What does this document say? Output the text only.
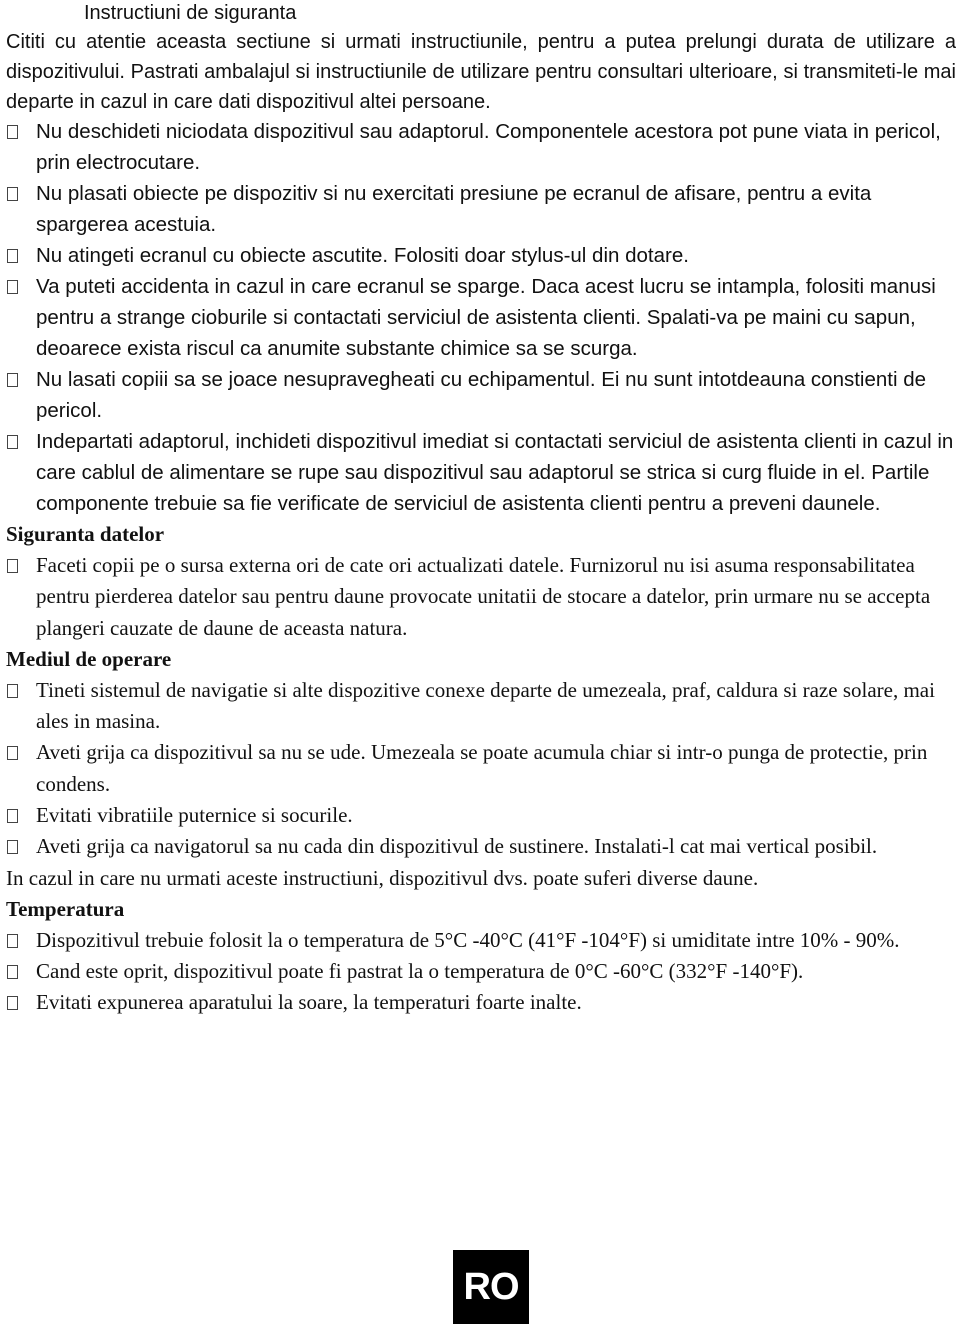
Instructiuni de siguranta
Cititi cu atentie aceasta sectiune si urmati instructiunile, pentru a putea prelungi durata de utilizare a dispozitivului. Pastrati ambalajul si instructiunile de utilizare pentru consultari ulterioare, si transmiteti-le mai departe in cazul in care dati dispozitivul altei persoane.
Nu deschideti niciodata dispozitivul sau adaptorul. Componentele acestora pot pune viata in pericol, prin electrocutare.
Nu plasati obiecte pe dispozitiv si nu exercitati presiune pe ecranul de afisare, pentru a evita spargerea acestuia.
Nu atingeti ecranul cu obiecte ascutite. Folositi doar stylus-ul din dotare.
Va puteti accidenta in cazul in care ecranul se sparge. Daca acest lucru se intampla, folositi manusi pentru a strange cioburile si contactati serviciul de asistenta clienti. Spalati-va pe maini cu sapun, deoarece exista riscul ca anumite substante chimice sa se scurga.
Nu lasati copiii sa se joace nesupravegheati cu echipamentul. Ei nu sunt intotdeauna constienti de pericol.
Indepartati adaptorul, inchideti dispozitivul imediat si contactati serviciul de asistenta clienti in cazul in care cablul de alimentare se rupe sau dispozitivul sau adaptorul se strica si curg fluide in el. Partile componente trebuie sa fie verificate de serviciul de asistenta clienti pentru a preveni daunele.
Siguranta datelor
Faceti copii pe o sursa externa ori de cate ori actualizati datele. Furnizorul nu isi asuma responsabilitatea pentru pierderea datelor sau pentru daune provocate unitatii de stocare a datelor, prin urmare nu se accepta plangeri cauzate de daune de aceasta natura.
Mediul de operare
Tineti sistemul de navigatie si alte dispozitive conexe departe de umezeala, praf, caldura si raze solare, mai ales in masina.
Aveti grija ca dispozitivul sa nu se ude. Umezeala se poate acumula chiar si intr-o punga de protectie, prin condens.
Evitati vibratiile puternice si socurile.
Aveti grija ca navigatorul sa nu cada din dispozitivul de sustinere. Instalati-l cat mai vertical posibil.
In cazul in care nu urmati aceste instructiuni, dispozitivul dvs. poate suferi diverse daune.
Temperatura
Dispozitivul trebuie folosit la o temperatura de 5°C -40°C (41°F -104°F) si umiditate intre 10% - 90%.
Cand este oprit, dispozitivul poate fi pastrat la o temperatura de 0°C -60°C (332°F -140°F).
Evitati expunerea aparatului la soare, la temperaturi foarte inalte.
RO
